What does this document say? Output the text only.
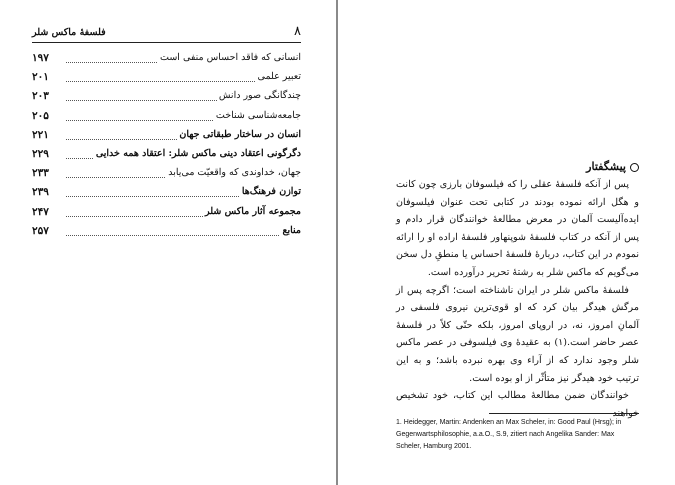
۸
فلسفهٔ ماکس شلر
انسانی که فاقد احساس منفی است
۱۹۷
تعبیر علمی
۲۰۱
چندگانگی صور دانش
۲۰۳
جامعه‌شناسی شناخت
۲۰۵
انسان در ساختار طبقاتی جهان
۲۲۱
دگرگونی اعتقاد دینی ماکس شلر: اعتقاد همه خدایی
۲۲۹
جهان، خداوندی که واقعیّت می‌یابد
۲۳۳
توازن فرهنگ‌ها
۲۳۹
مجموعه آثار ماکس شلر
۲۴۷
منابع
۲۵۷
پیشگفتار

پس از آنکه فلسفهٔ عقلی را که فیلسوفان بارزی چون کانت و هگل ارائه نموده بودند در کتابی تحت عنوان فیلسوفان ایده‌آلیست آلمان در معرض مطالعهٔ خوانندگان قرار دادم و پس از آنکه در کتاب فلسفهٔ شوپنهاور فلسفهٔ اراده او را ارائه نمودم در این کتاب، دربارهٔ فلسفهٔ احساس یا منطقِ دل سخن می‌گویم که ماکس شلر به رشتهٔ تحریر درآورده است.

فلسفهٔ ماکس شلر در ایران ناشناخته است؛ اگرچه پس از مرگش هیدگر بیان کرد که او قوی‌ترین نیروی فلسفی در آلمانِ امروز، نه، در اروپای امروز، بلکه حتّی کلاً در فلسفهٔ عصر حاضر است.(۱) به عقیدهٔ وی فیلسوفی در عصر ماکس شلر وجود ندارد که از آراء وی بهره نبرده باشد؛ و به این ترتیب خود هیدگر نیز متأثّر از او بوده است.

خوانندگان ضمن مطالعهٔ مطالب این کتاب، خود تشخیص خواهند

1. Heidegger, Martin: Andenken an Max Scheler, in: Good Paul (Hrsg); in Gegenwartsphilosophie, a.a.O., S.9, zitiert nach Angelika Sander: Max Scheler, Hamburg 2001.
